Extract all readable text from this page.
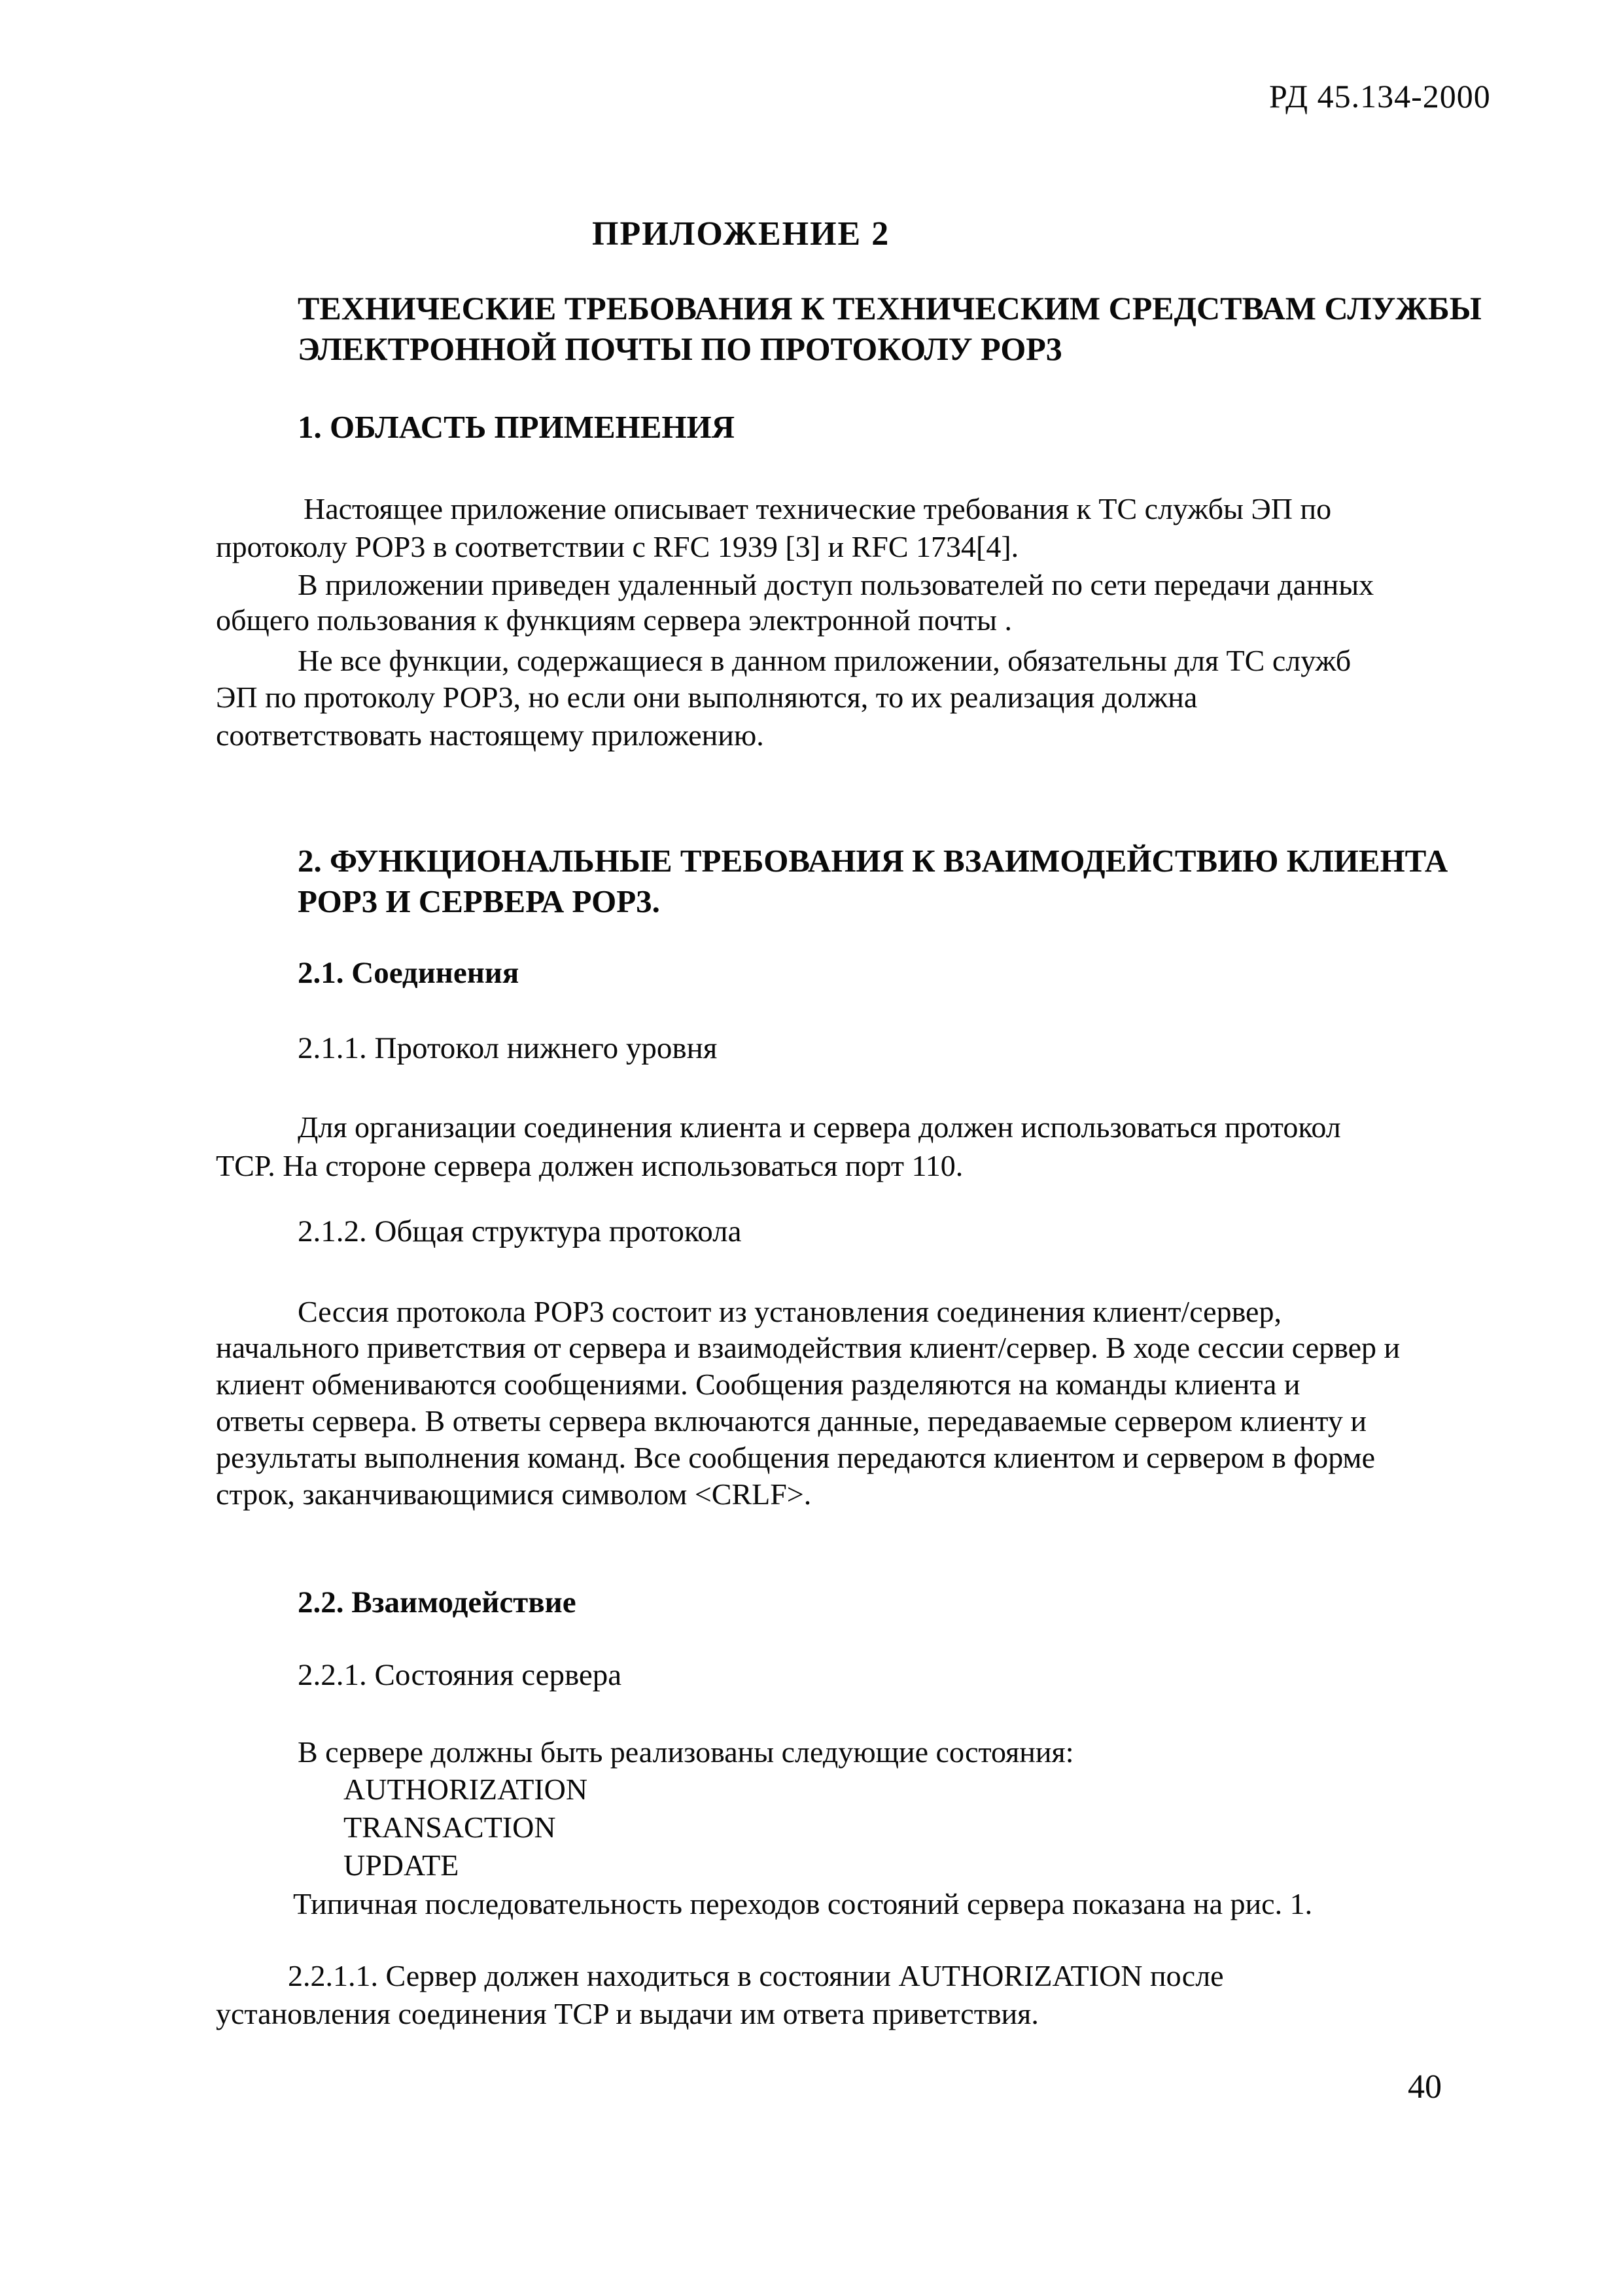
РД 45.134-2000
ПРИЛОЖЕНИЕ 2
ТЕХНИЧЕСКИЕ ТРЕБОВАНИЯ К ТЕХНИЧЕСКИМ СРЕДСТВАМ СЛУЖБЫ
ЭЛЕКТРОННОЙ ПОЧТЫ ПО ПРОТОКОЛУ РОР3
1. ОБЛАСТЬ ПРИМЕНЕНИЯ
Настоящее приложение описывает технические требования к ТС службы ЭП по
протоколу РОР3 в соответствии с RFC 1939 [3] и RFC 1734[4].
В приложении приведен удаленный доступ пользователей по сети передачи данных
общего пользования к функциям сервера электронной почты .
Не все функции, содержащиеся в данном приложении, обязательны для ТС служб
ЭП по протоколу РОР3, но если они выполняются, то их реализация должна
соответствовать настоящему приложению.
2. ФУНКЦИОНАЛЬНЫЕ ТРЕБОВАНИЯ К ВЗАИМОДЕЙСТВИЮ КЛИЕНТА
РОР3 И СЕРВЕРА РОР3.
2.1. Соединения
2.1.1. Протокол нижнего уровня
Для организации соединения клиента и сервера должен использоваться протокол
TCP. На стороне сервера должен использоваться порт 110.
2.1.2. Общая структура протокола
Сессия протокола РОР3 состоит из установления соединения клиент/сервер,
начального приветствия от сервера и взаимодействия клиент/сервер. В ходе сессии сервер и
клиент обмениваются сообщениями. Сообщения разделяются на команды клиента и
ответы сервера. В ответы сервера включаются данные, передаваемые сервером клиенту и
результаты выполнения команд. Все сообщения передаются клиентом и сервером в форме
строк, заканчивающимися символом <CRLF>.
2.2. Взаимодействие
2.2.1. Состояния сервера
В сервере должны быть реализованы следующие состояния:
AUTHORIZATION
TRANSACTION
UPDATE
Типичная последовательность переходов состояний сервера показана на рис. 1.
2.2.1.1. Сервер должен находиться в состоянии AUTHORIZATION после
установления соединения TCP и выдачи им ответа приветствия.
40
